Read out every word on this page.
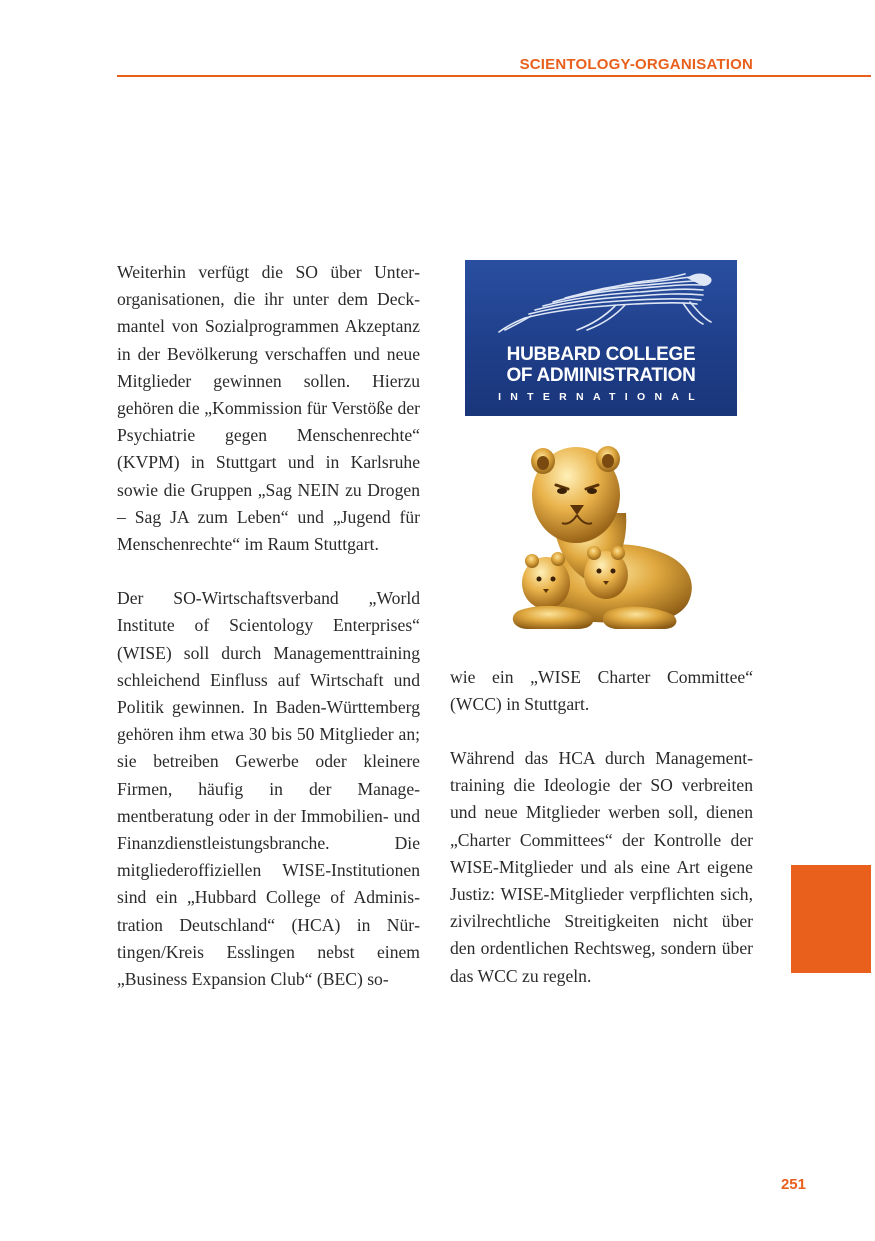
SCIENTOLOGY-ORGANISATION

Weiterhin verfügt die SO über Unterorganisationen, die ihr unter dem Deckmantel von Sozialprogrammen Akzeptanz in der Bevölkerung verschaffen und neue Mitglieder gewinnen sollen. Hierzu gehören die „Kommission für Verstöße der Psychiatrie gegen Menschenrechte“ (KVPM) in Stuttgart und in Karlsruhe sowie die Gruppen „Sag NEIN zu Drogen – Sag JA zum Leben“ und „Jugend für Menschenrechte“ im Raum Stuttgart.

Der SO-Wirtschaftsverband „World Institute of Scientology Enterprises“ (WISE) soll durch Managementtraining schleichend Einfluss auf Wirtschaft und Politik gewinnen. In Baden-Württemberg gehören ihm etwa 30 bis 50 Mitglieder an; sie betreiben Gewerbe oder kleinere Firmen, häufig in der Managementberatung oder in der Immobilien- und Finanzdienstleistungsbranche. Die mitgliederoffiziellen WISE-Institutionen sind ein „Hubbard College of Administration Deutschland“ (HCA) in Nürtingen/Kreis Esslingen nebst einem „Business Expansion Club“ (BEC) so-

HUBBARD COLLEGE
OF ADMINISTRATION
INTERNATIONAL
wie ein „WISE Charter Committee“ (WCC) in Stuttgart.

Während das HCA durch Managementtraining die Ideologie der SO verbreiten und neue Mitglieder werben soll, dienen „Charter Committees“ der Kontrolle der WISE-Mitglieder und als eine Art eigene Justiz: WISE-Mitglieder verpflichten sich, zivilrechtliche Streitigkeiten nicht über den ordentlichen Rechtsweg, sondern über das WCC zu regeln.

251
